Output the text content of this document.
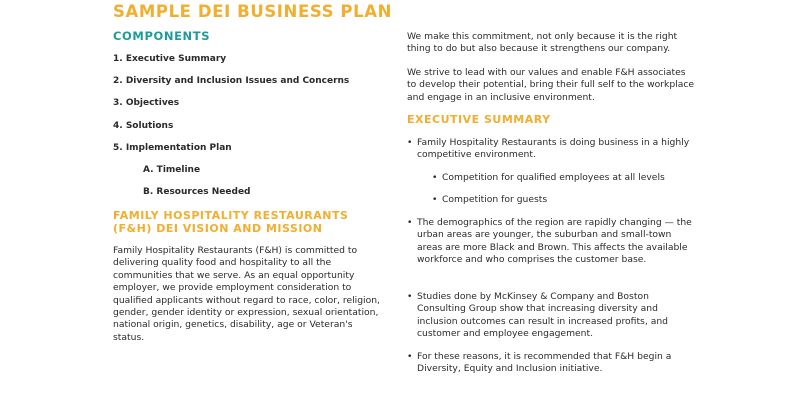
SAMPLE DEI BUSINESS PLAN
COMPONENTS
1. Executive Summary
2. Diversity and Inclusion Issues and Concerns
3. Objectives
4. Solutions
5. Implementation Plan
A. Timeline
B. Resources Needed
FAMILY HOSPITALITY RESTAURANTS (F&H) DEI VISION AND MISSION
Family Hospitality Restaurants (F&H) is committed to delivering quality food and hospitality to all the communities that we serve. As an equal opportunity employer, we provide employment consideration to qualified applicants without regard to race, color, religion, gender, gender identity or expression, sexual orientation, national origin, genetics, disability, age or Veteran's status.
We make this commitment, not only because it is the right thing to do but also because it strengthens our company.
We strive to lead with our values and enable F&H associates to develop their potential, bring their full self to the workplace and engage in an inclusive environment.
EXECUTIVE SUMMARY
• Family Hospitality Restaurants is doing business in a highly competitive environment.
• Competition for qualified employees at all levels
• Competition for guests
• The demographics of the region are rapidly changing — the urban areas are younger, the suburban and small-town areas are more Black and Brown. This affects the available workforce and who comprises the customer base.
• Studies done by McKinsey & Company and Boston Consulting Group show that increasing diversity and inclusion outcomes can result in increased profits, and customer and employee engagement.
• For these reasons, it is recommended that F&H begin a Diversity, Equity and Inclusion initiative.
